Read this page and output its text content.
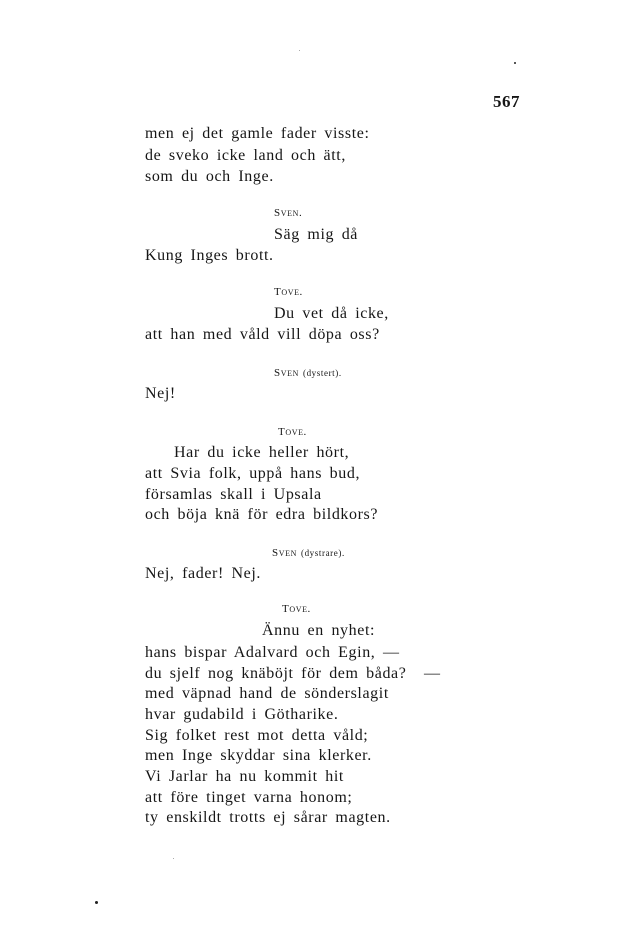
567
men ej det gamle fader visste:
de sveko icke land och ätt,
som du och Inge.
Sven.
Säg mig då
Kung Inges brott.
Tove.
Du vet då icke,
att han med våld vill döpa oss?
Sven (dystert).
Nej!
Tove.
Har du icke heller hört,
att Svia folk, uppå hans bud,
församlas skall i Upsala
och böja knä för edra bildkors?
Sven (dystrare).
Nej, fader! Nej.
Tove.
Ännu en nyhet:
hans bispar Adalvard och Egin, —
du sjelf nog knäböjt för dem båda? —
med väpnad hand de sönderslagit
hvar gudabild i Götharike.
Sig folket rest mot detta våld;
men Inge skyddar sina klerker.
Vi Jarlar ha nu kommit hit
att före tinget varna honom;
ty enskildt trotts ej sårar magten.
